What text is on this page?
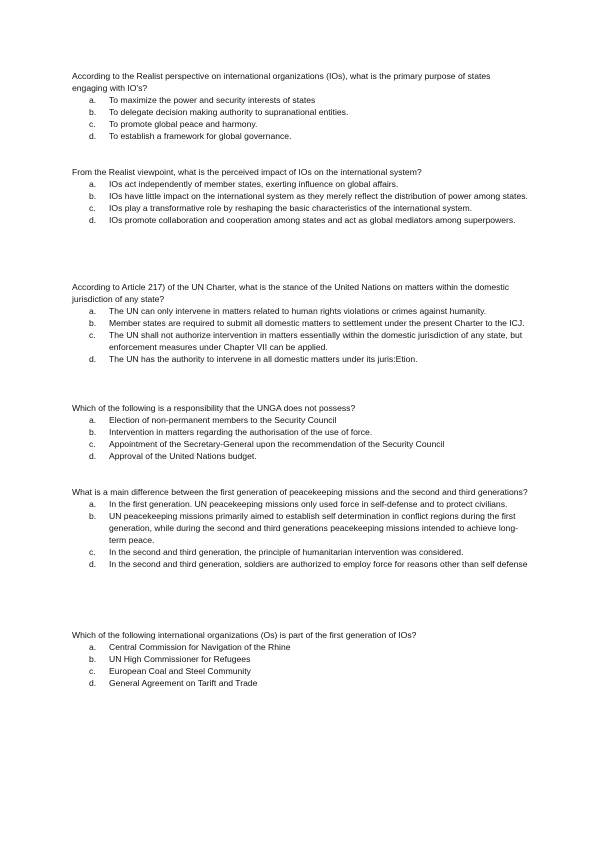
According to the Realist perspective on international organizations (IOs), what is the primary purpose of states engaging with IO's?

a. To maximize the power and security interests of states
b. To delegate decision making authority to supranational entities.
c. To promote global peace and harmony.
d. To establish a framework for global governance.

From the Realist viewpoint, what is the perceived impact of IOs on the international system?

a. IOs act independently of member states, exerting influence on global affairs.
b. IOs have little impact on the international system as they merely reflect the distribution of power among states.
c. IOs play a transformative role by reshaping the basic characteristics of the international system.
d. IOs promote collaboration and cooperation among states and act as global mediators among superpowers.

According to Article 217) of the UN Charter, what is the stance of the United Nations on matters within the domestic jurisdiction of any state?

a. The UN can only intervene in matters related to human rights violations or crimes against humanity.
b. Member states are required to submit all domestic matters to settlement under the present Charter to the ICJ.
c. The UN shall not authorize intervention in matters essentially within the domestic jurisdiction of any state, but enforcement measures under Chapter VII can be applied.
d. The UN has the authority to intervene in all domestic matters under its juris:Etion.

Which of the following is a responsibility that the UNGA does not possess?

a. Election of non-permanent members to the Security Council
b. Intervention in matters regarding the authorisation of the use of force.
c. Appointment of the Secretary-General upon the recommendation of the Security Council
d. Approval of the United Nations budget.

What is a main difference between the first generation of peacekeeping missions and the second and third generations?

a. In the first generation. UN peacekeeping missions only used force in self-defense and to protect civilians.
b. UN peacekeeping missions primarily aimed to establish self determination in conflict regions during the first generation, while during the second and third generations peacekeeping missions intended to achieve long-term peace.
c. In the second and third generation, the principle of humanitarian intervention was considered.
d. In the second and third generation, soldiers are authorized to employ force for reasons other than self defense

Which of the following international organizations (Os) is part of the first generation of IOs?

a. Central Commission for Navigation of the Rhine
b. UN High Commissioner for Refugees
c. European Coal and Steel Community
d. General Agreement on Tarift and Trade
